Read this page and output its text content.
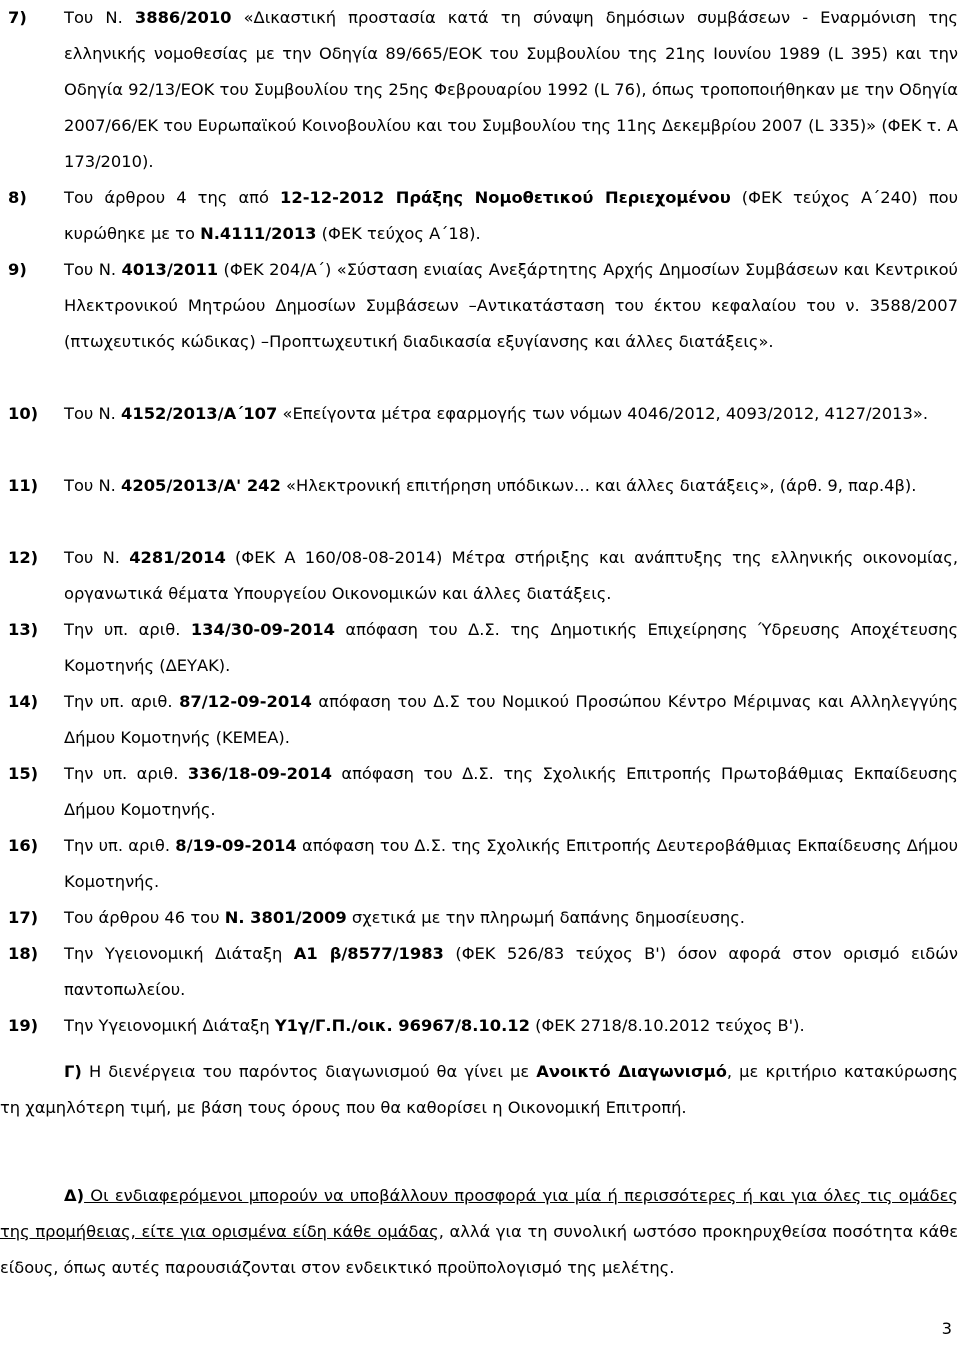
7) Του Ν. 3886/2010 «Δικαστική προστασία κατά τη σύναψη δημόσιων συμβάσεων - Εναρμόνιση της ελληνικής νομοθεσίας με την Οδηγία 89/665/ΕΟΚ του Συμβουλίου της 21ης Ιουνίου 1989 (L 395) και την Οδηγία 92/13/ΕΟΚ του Συμβουλίου της 25ης Φεβρουαρίου 1992 (L 76), όπως τροποποιήθηκαν με την Οδηγία 2007/66/ΕΚ του Ευρωπαϊκού Κοινοβουλίου και του Συμβουλίου της 11ης Δεκεμβρίου 2007 (L 335)» (ΦΕΚ τ. Α 173/2010).
8) Του άρθρου 4 της από 12-12-2012 Πράξης Νομοθετικού Περιεχομένου (ΦΕΚ τεύχος Α΄240) που κυρώθηκε με το Ν.4111/2013 (ΦΕΚ τεύχος Α΄18).
9) Του Ν. 4013/2011 (ΦΕΚ 204/Α΄) «Σύσταση ενιαίας Ανεξάρτητης Αρχής Δημοσίων Συμβάσεων και Κεντρικού Ηλεκτρονικού Μητρώου Δημοσίων Συμβάσεων –Αντικατάσταση του έκτου κεφαλαίου του ν. 3588/2007 (πτωχευτικός κώδικας) –Προπτωχευτική διαδικασία εξυγίανσης και άλλες διατάξεις».
10) Του Ν. 4152/2013/Α΄107 «Επείγοντα μέτρα εφαρμογής των νόμων 4046/2012, 4093/2012, 4127/2013».
11) Του Ν. 4205/2013/Α' 242 «Ηλεκτρονική επιτήρηση υπόδικων… και άλλες διατάξεις», (άρθ. 9, παρ.4β).
12) Του Ν. 4281/2014 (ΦΕΚ Α 160/08-08-2014) Μέτρα στήριξης και ανάπτυξης της ελληνικής οικονομίας, οργανωτικά θέματα Υπουργείου Οικονομικών και άλλες διατάξεις.
13) Την υπ. αριθ. 134/30-09-2014 απόφαση του Δ.Σ. της Δημοτικής Επιχείρησης Ύδρευσης Αποχέτευσης Κομοτηνής (ΔΕΥΑΚ).
14) Την υπ. αριθ. 87/12-09-2014 απόφαση του Δ.Σ του Νομικού Προσώπου Κέντρο Μέριμνας και Αλληλεγγύης Δήμου Κομοτηνής (ΚΕΜΕΑ).
15) Την υπ. αριθ. 336/18-09-2014 απόφαση του Δ.Σ. της Σχολικής Επιτροπής Πρωτοβάθμιας Εκπαίδευσης Δήμου Κομοτηνής.
16) Την υπ. αριθ. 8/19-09-2014 απόφαση του Δ.Σ. της Σχολικής Επιτροπής Δευτεροβάθμιας Εκπαίδευσης Δήμου Κομοτηνής.
17) Του άρθρου 46 του Ν. 3801/2009 σχετικά με την πληρωμή δαπάνης δημοσίευσης.
18) Την Υγειονομική Διάταξη Α1 β/8577/1983 (ΦΕΚ 526/83 τεύχος Β') όσον αφορά στον ορισμό ειδών παντοπωλείου.
19) Την Υγειονομική Διάταξη Υ1γ/Γ.Π./οικ. 96967/8.10.12 (ΦΕΚ 2718/8.10.2012 τεύχος Β').

Γ) Η διενέργεια του παρόντος διαγωνισμού θα γίνει με Ανοικτό Διαγωνισμό, με κριτήριο κατακύρωσης τη χαμηλότερη τιμή, με βάση τους όρους που θα καθορίσει η Οικονομική Επιτροπή.

Δ) Οι ενδιαφερόμενοι μπορούν να υποβάλλουν προσφορά για μία ή περισσότερες ή και για όλες τις ομάδες της προμήθειας, είτε για ορισμένα είδη κάθε ομάδας, αλλά για τη συνολική ωστόσο προκηρυχθείσα ποσότητα κάθε είδους, όπως αυτές παρουσιάζονται στον ενδεικτικό προϋπολογισμό της μελέτης.

3
